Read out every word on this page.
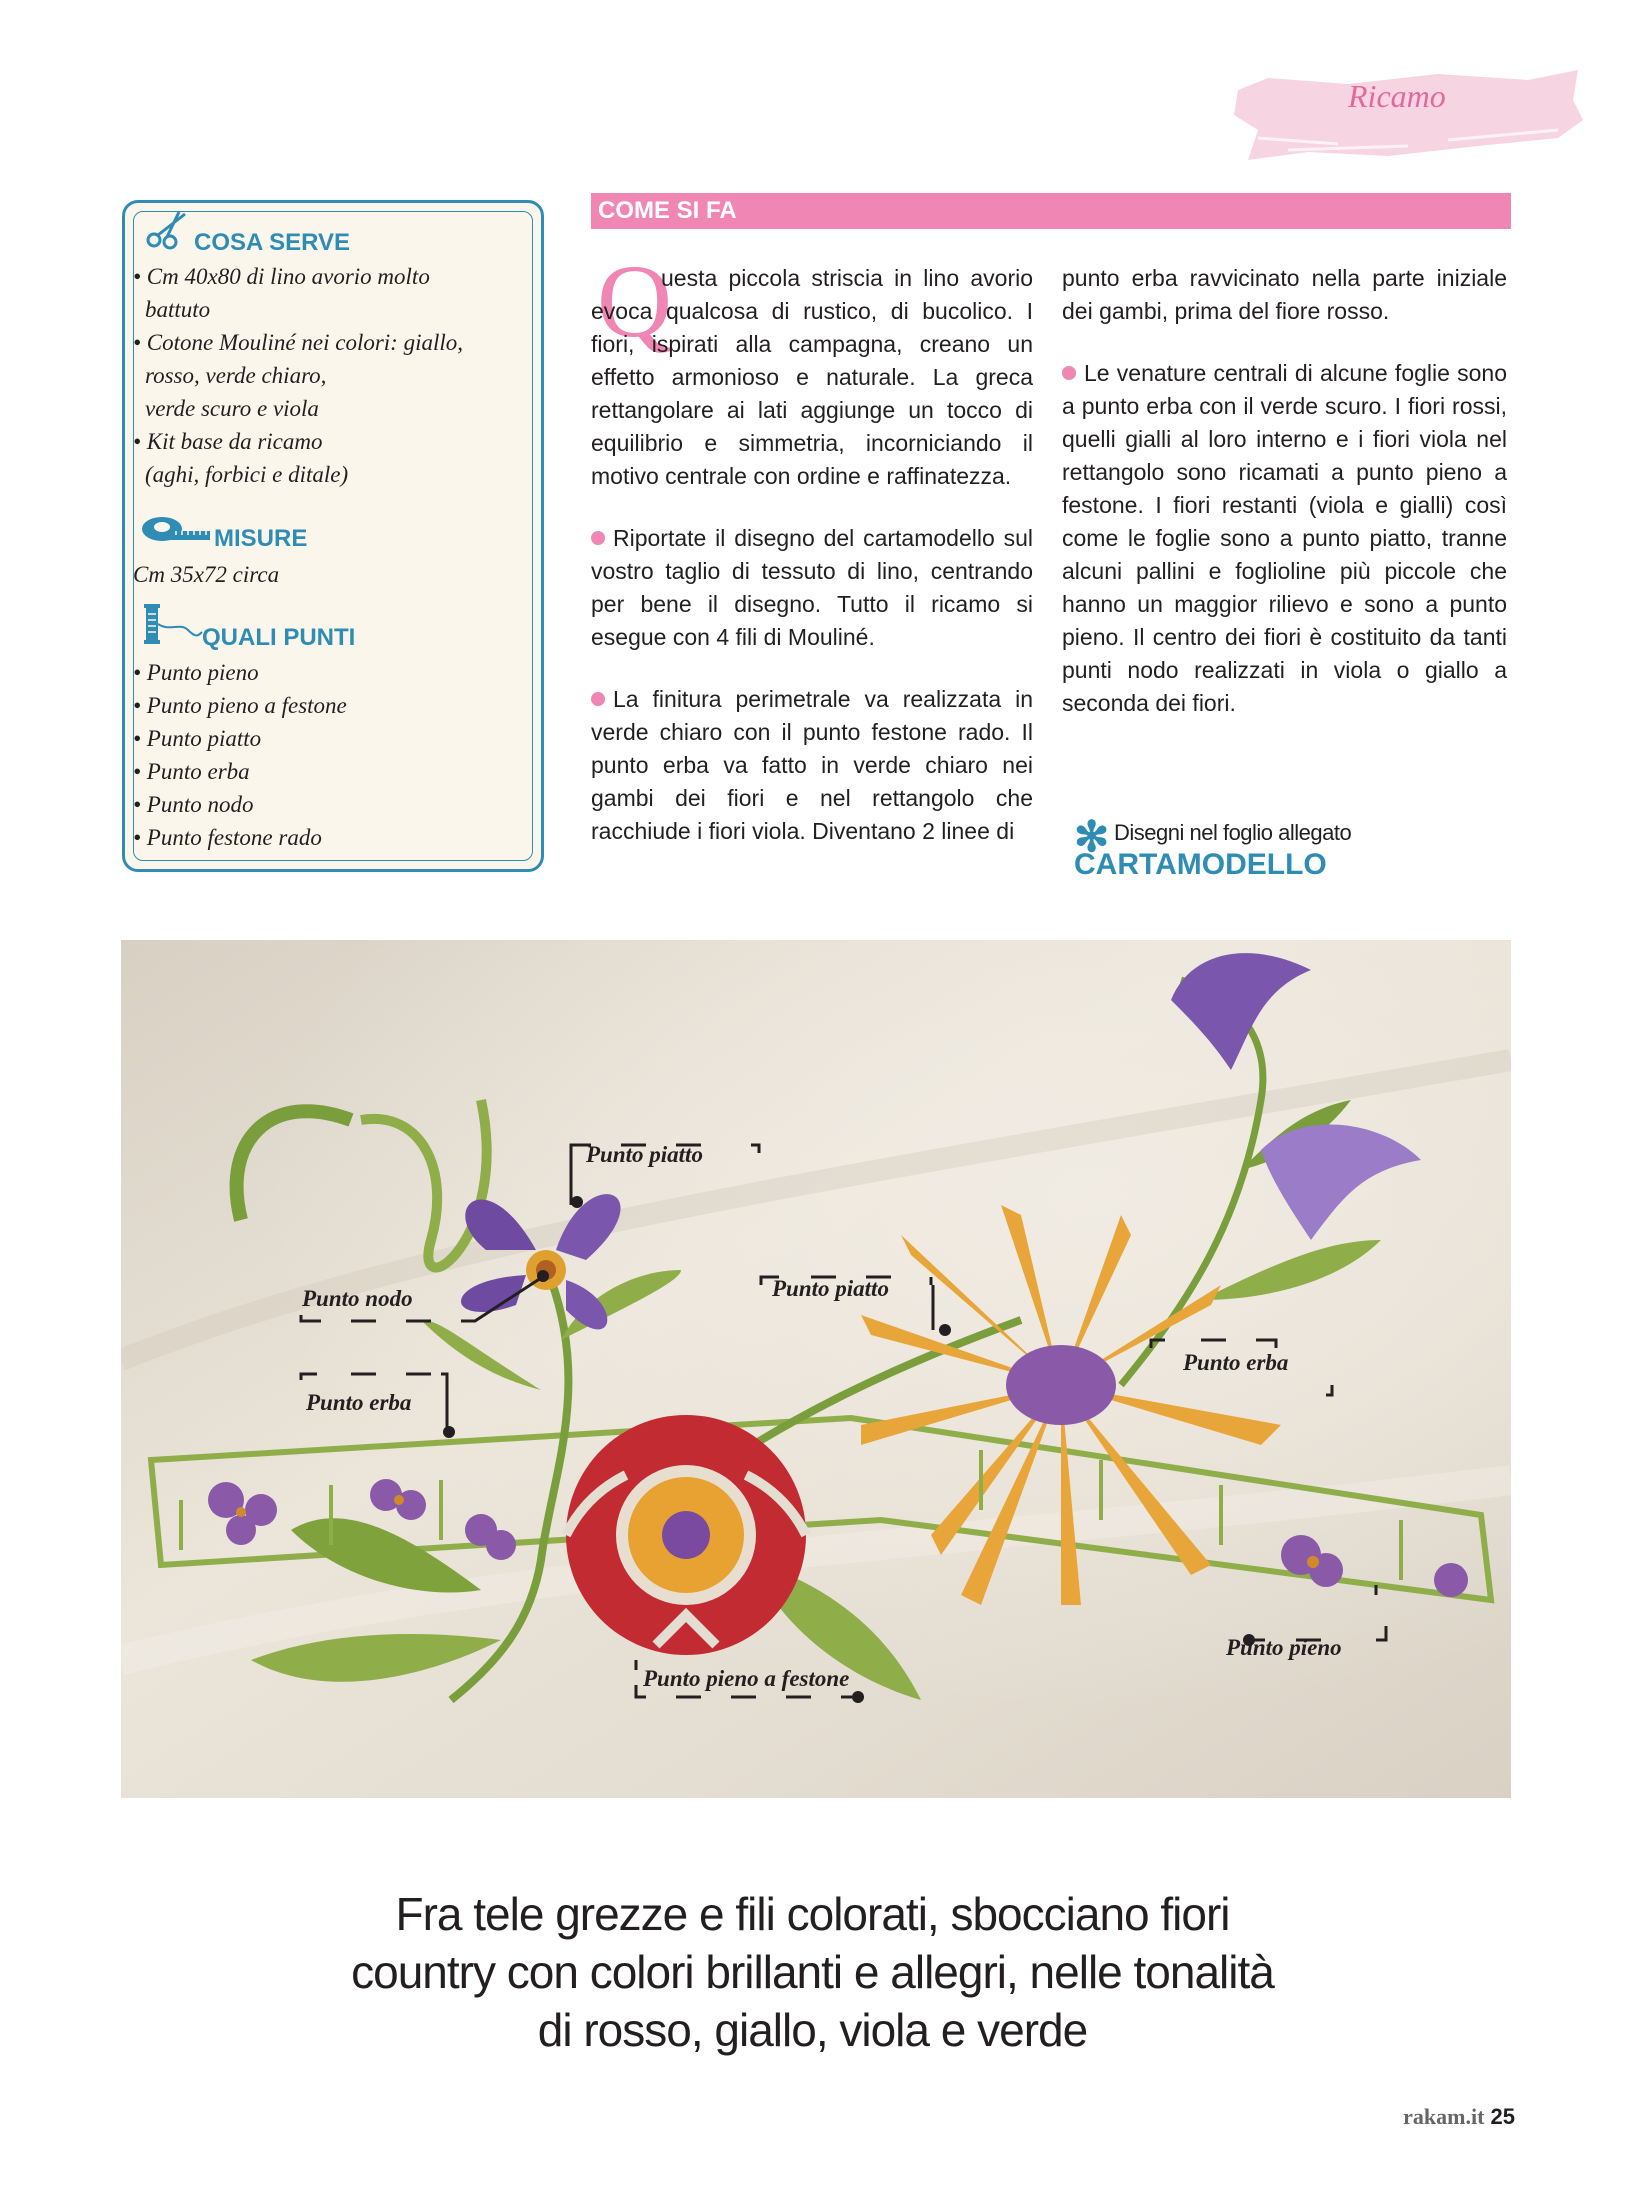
Ricamo
COSA SERVE
• Cm 40x80 di lino avorio molto
battuto
• Cotone Mouliné nei colori: giallo,
rosso, verde chiaro,
verde scuro e viola
• Kit base da ricamo
(aghi, forbici e ditale)
MISURE
Cm 35x72 circa
QUALI PUNTI
• Punto pieno
• Punto pieno a festone
• Punto piatto
• Punto erba
• Punto nodo
• Punto festone rado
COME SI FA
Q

uesta piccola striscia in lino avorio evoca qualcosa di rustico, di bucolico. I fiori, ispirati alla campagna, creano un effetto armonioso e naturale. La greca rettangolare ai lati aggiunge un tocco di equilibrio e simmetria, incorniciando il motivo centrale con ordine e raffinatezza.

Riportate il disegno del cartamodello sul vostro taglio di tessuto di lino, centrando per bene il disegno. Tutto il ricamo si esegue con 4 fili di Mouliné.

La finitura perimetrale va realizzata in verde chiaro con il punto festone rado. Il punto erba va fatto in verde chiaro nei gambi dei fiori e nel rettangolo che racchiude i fiori viola. Diventano 2 linee di

punto erba ravvicinato nella parte iniziale dei gambi, prima del fiore rosso.

Le venature centrali di alcune foglie sono a punto erba con il verde scuro. I fiori rossi, quelli gialli al loro interno e i fiori viola nel rettangolo sono ricamati a punto pieno a festone. I fiori restanti (viola e gialli) così come le foglie sono a punto piatto, tranne alcuni pallini e foglioline più piccole che hanno un maggior rilievo e sono a punto pieno. Il centro dei fiori è costituito da tanti punti nodo realizzati in viola o giallo a seconda dei fiori.

✻ Disegni nel foglio allegato
CARTAMODELLO
Punto piatto
Punto nodo
Punto erba
Punto piatto
Punto erba
Punto pieno a festone
Punto pieno
Fra tele grezze e fili colorati, sbocciano fiori
country con colori brillanti e allegri, nelle tonalità
di rosso, giallo, viola e verde
rakam.it 25
